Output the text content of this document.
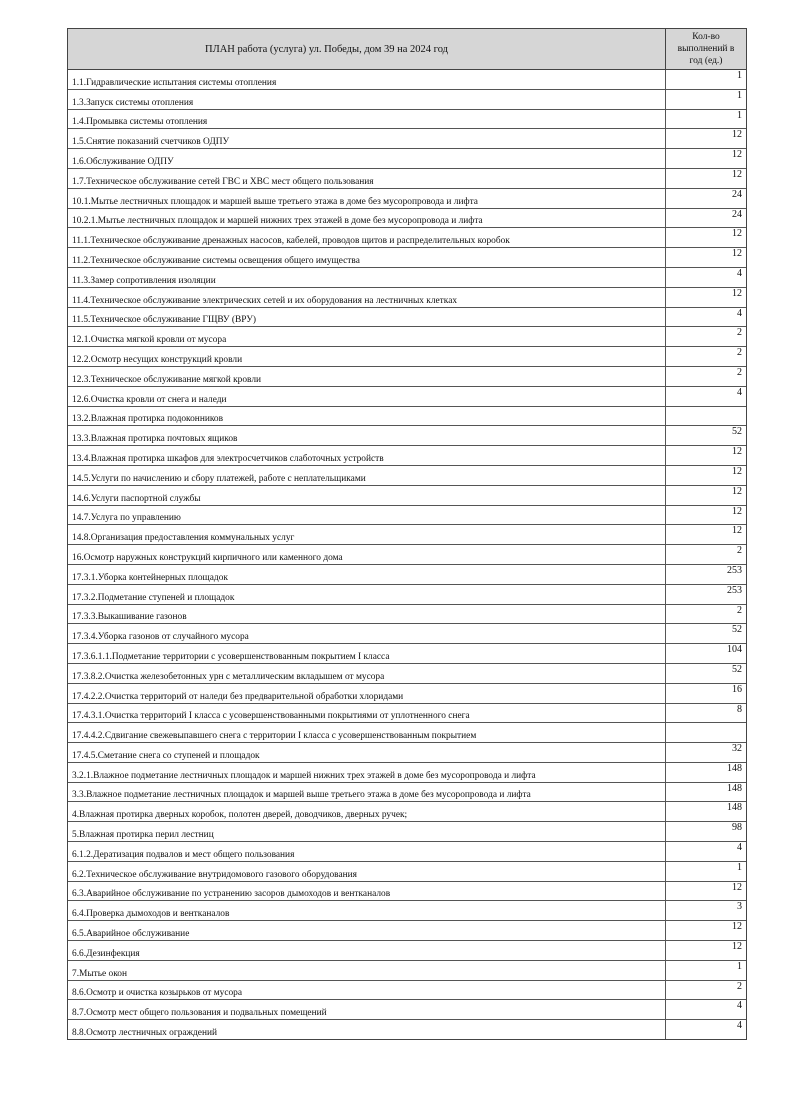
ПЛАН работа (услуга) ул. Победы, дом 39 на 2024 год
Кол-во выполнений в год (ед.)
1.1.Гидравлические испытания системы отопления
1
1.3.Запуск системы отопления
1
1.4.Промывка системы отопления
1
1.5.Снятие показаний счетчиков ОДПУ
12
1.6.Обслуживание ОДПУ
12
1.7.Техническое обслуживание сетей ГВС и ХВС мест общего пользования
12
10.1.Мытье лестничных площадок и маршей выше третьего этажа в доме без мусоропровода и лифта
24
10.2.1.Мытье лестничных площадок и маршей нижних трех этажей в доме без мусоропровода и лифта
24
11.1.Техническое обслуживание дренажных насосов, кабелей, проводов щитов и распределительных коробок
12
11.2.Техническое обслуживание системы освещения общего имущества
12
11.3.Замер сопротивления изоляции
4
11.4.Техническое обслуживание электрических сетей и их оборудования на лестничных клетках
12
11.5.Техническое обслуживание ГЩВУ (ВРУ)
4
12.1.Очистка мягкой кровли от мусора
2
12.2.Осмотр несущих конструкций кровли
2
12.3.Техническое обслуживание мягкой кровли
2
12.6.Очистка кровли от снега и наледи
4
13.2.Влажная протирка подоконников
13.3.Влажная протирка почтовых ящиков
52
13.4.Влажная протирка шкафов для электросчетчиков слаботочных устройств
12
14.5.Услуги по начислению и сбору платежей, работе с неплательщиками
12
14.6.Услуги паспортной службы
12
14.7.Услуга по управлению
12
14.8.Организация предоставления коммунальных услуг
12
16.Осмотр наружных конструкций кирпичного или каменного дома
2
17.3.1.Уборка контейнерных площадок
253
17.3.2.Подметание ступеней и площадок
253
17.3.3.Выкашивание газонов
2
17.3.4.Уборка газонов от случайного мусора
52
17.3.6.1.1.Подметание территории с усовершенствованным покрытием I класса
104
17.3.8.2.Очистка железобетонных урн с металлическим вкладышем от мусора
52
17.4.2.2.Очистка территорий от наледи без предварительной обработки хлоридами
16
17.4.3.1.Очистка территорий I класса с усовершенствованными покрытиями от уплотненного снега
8
17.4.4.2.Сдвигание свежевыпавшего снега с территории I класса с усовершенствованным покрытием
17.4.5.Сметание снега со ступеней и площадок
32
3.2.1.Влажное подметание лестничных площадок и маршей нижних трех этажей в доме без мусоропровода и лифта
148
3.3.Влажное подметание лестничных площадок и маршей выше третьего этажа в доме без мусоропровода и лифта
148
4.Влажная протирка дверных коробок, полотен дверей, доводчиков, дверных ручек;
148
5.Влажная протирка перил лестниц
98
6.1.2.Дератизация подвалов и мест общего пользования
4
6.2.Техническое обслуживание внутридомового газового оборудования
1
6.3.Аварийное обслуживание по устранению засоров дымоходов и вентканалов
12
6.4.Проверка дымоходов и вентканалов
3
6.5.Аварийное обслуживание
12
6.6.Дезинфекция
12
7.Мытье окон
1
8.6.Осмотр и очистка козырьков от мусора
2
8.7.Осмотр мест общего пользования и подвальных помещений
4
8.8.Осмотр лестничных ограждений
4
